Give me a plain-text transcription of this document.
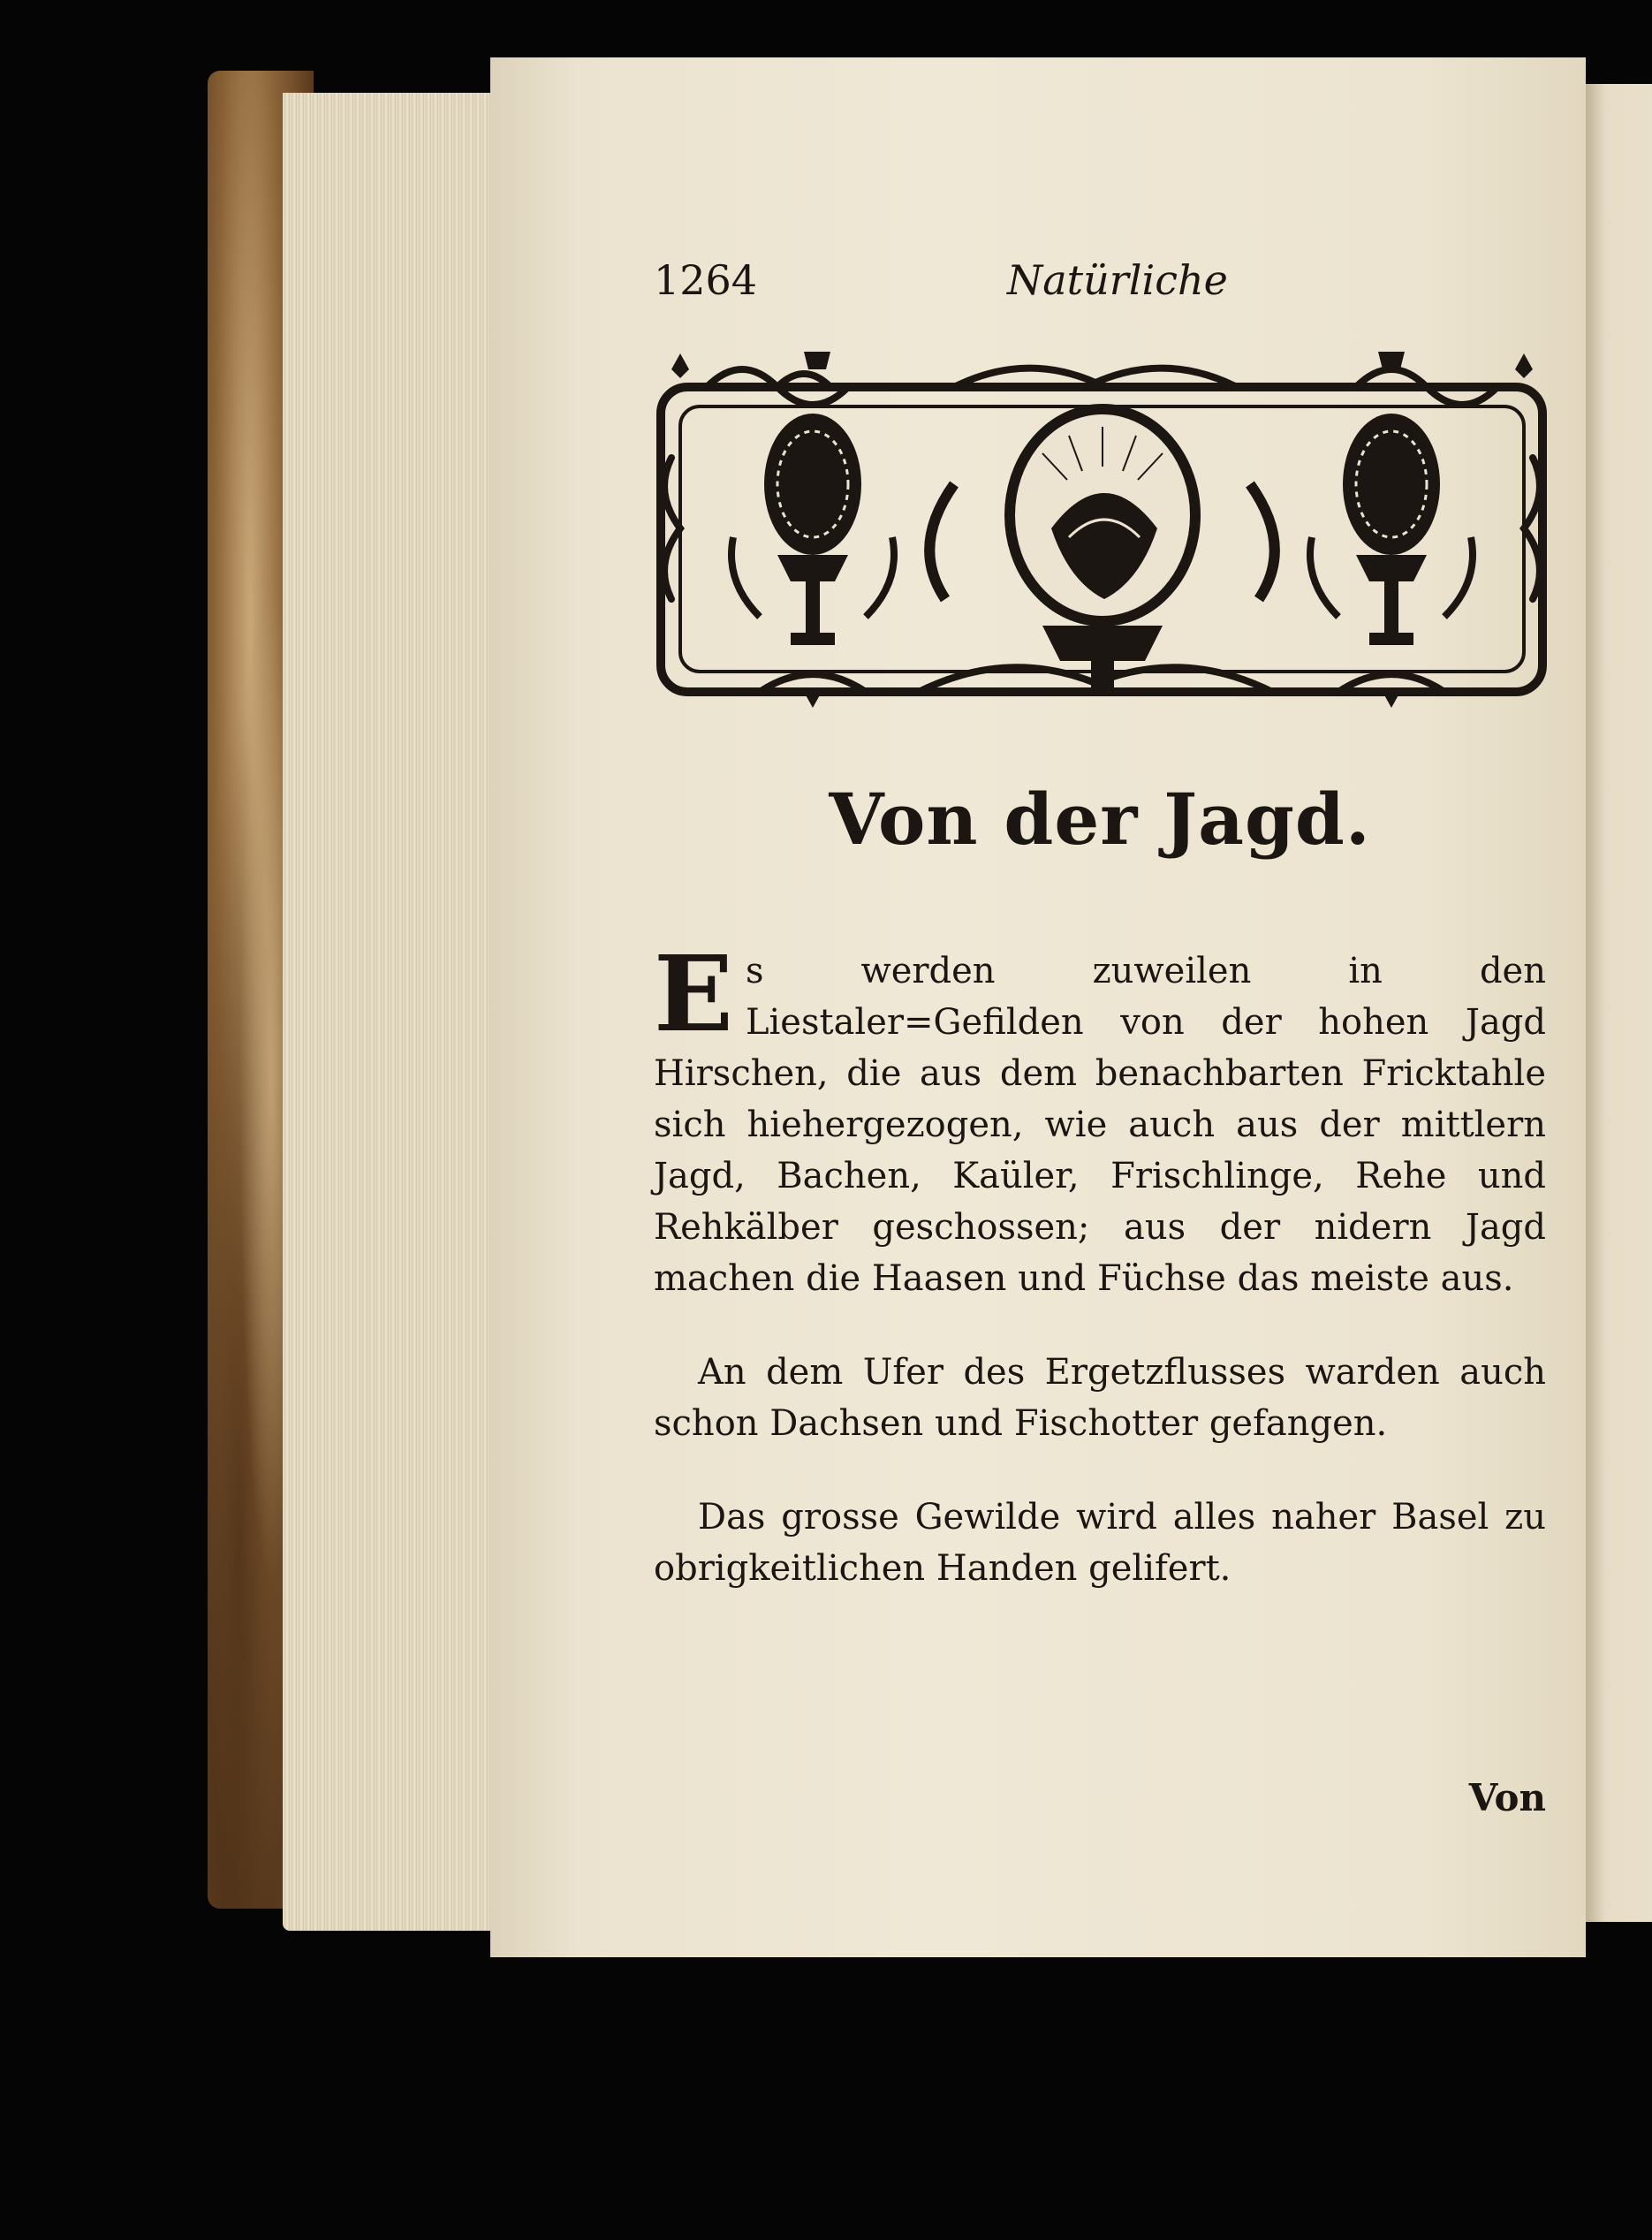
1264	Natürliche
Von der Jagd.

Es werden zuweilen in den Liestaler=Gefilden von der hohen Jagd Hirschen, die aus dem benachbarten Fricktahle sich hiehergezogen, wie auch aus der mittlern Jagd, Bachen, Kaüler, Frischlinge, Rehe und Rehkälber geschossen; aus der nidern Jagd machen die Haasen und Füchse das meiste aus.

An dem Ufer des Ergetzflusses warden auch schon Dachsen und Fischotter gefangen.

Das grosse Gewilde wird alles naher Basel zu obrigkeitlichen Handen gelifert.

Von
